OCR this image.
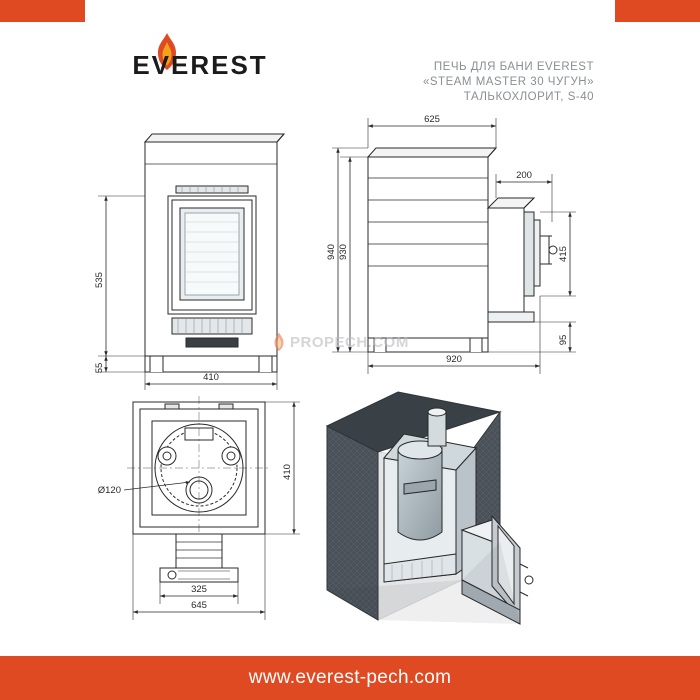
EVEREST	ПЕЧЬ ДЛЯ БАНИ EVEREST
«STEAM MASTER 30 ЧУГУН»
ТАЛЬКОХЛОРИТ, S-40
535
55
410
625
200
940 930	415
95
920
Ø120
410
325
645
PROPECH.COM
www.everest-pech.com
